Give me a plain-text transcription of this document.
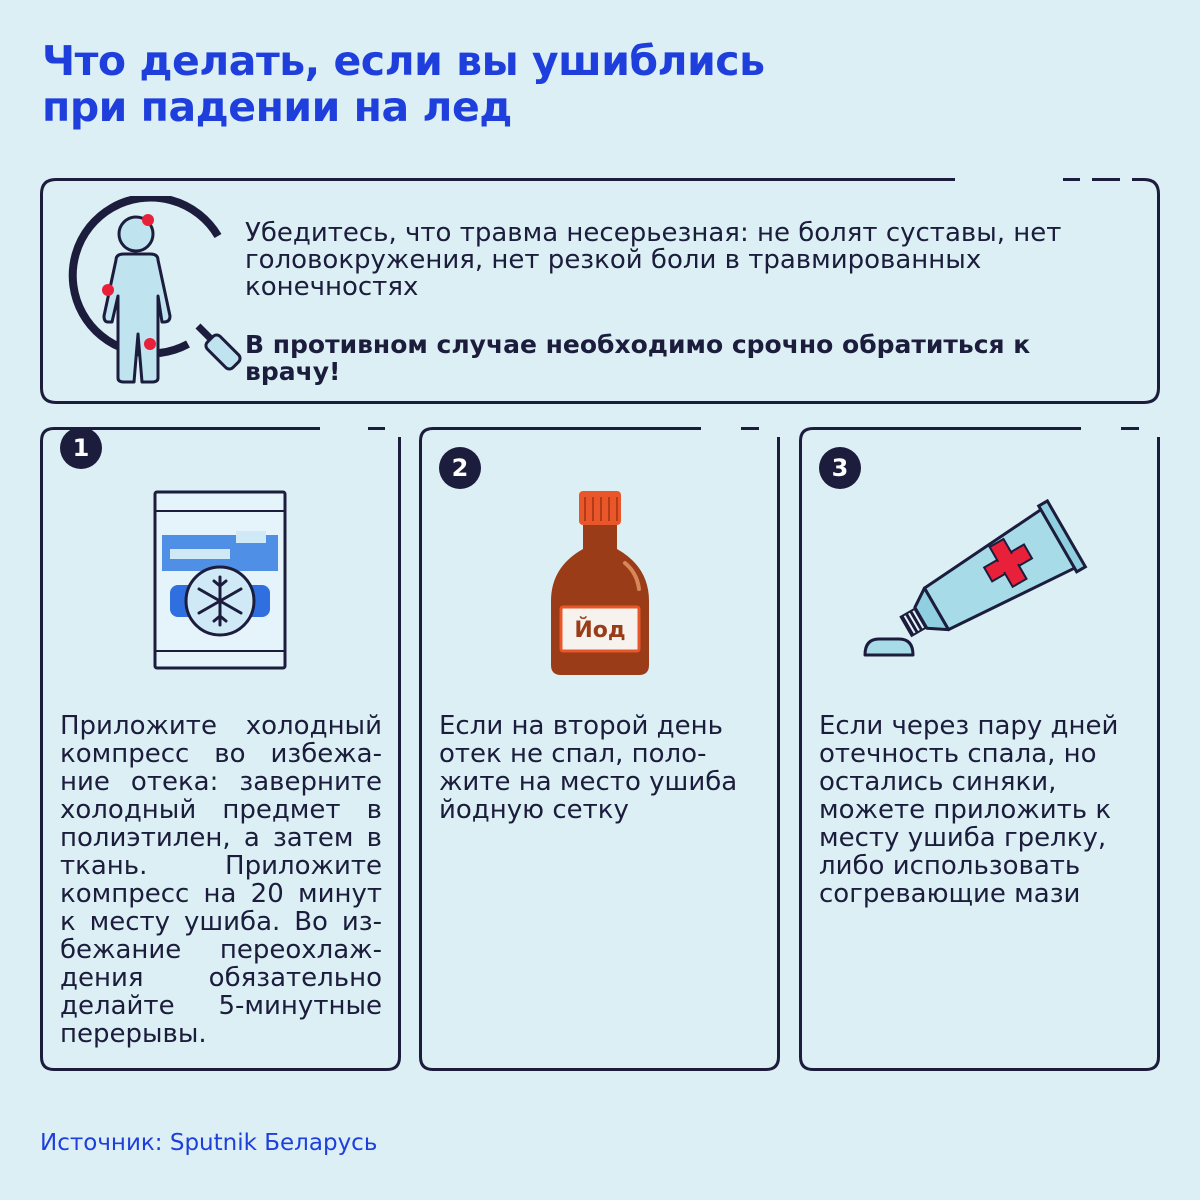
Что делать, если вы ушиблись
при падении на лед

Убедитесь, что травма несерьезная: не болят суставы, нет головокружения, нет резкой боли в травмированных конечностях

В противном случае необходимо срочно обратиться к врачу!

1

Приложите холодный компресс во избежание отека: заверните холодный предмет в полиэтилен, а затем в ткань. Приложите компресс на 20 минут к месту ушиба. Во избежание переохлаждения обязательно делайте 5-минутные перерывы.

2
Йод

Если на второй день отек не спал, положите на место ушиба йодную сетку

3

Если через пару дней отечность спала, но остались синяки, можете приложить к месту ушиба грелку, либо использовать согревающие мази

Источник: Sputnik Беларусь
